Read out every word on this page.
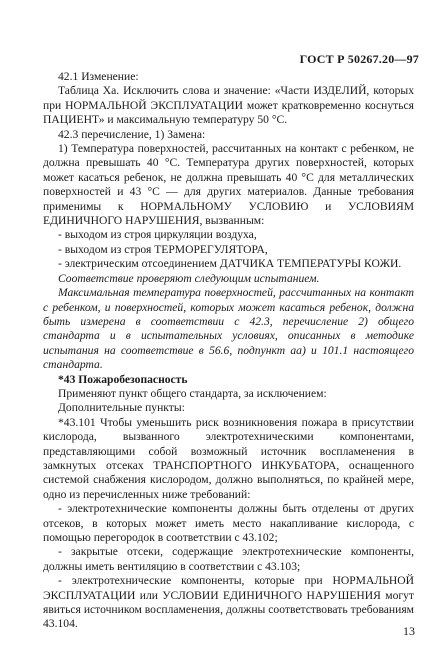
ГОСТ Р 50267.20—97

42.1 Изменение:

Таблица Ха. Исключить слова и значение: «Части ИЗДЕЛИЙ, которых при НОРМАЛЬНОЙ ЭКСПЛУАТАЦИИ может кратковременно коснуться ПАЦИЕНТ» и максимальную температуру 50 °С.

42.3 перечисление, 1) Замена:

1) Температура поверхностей, рассчитанных на контакт с ребенком, не должна превышать 40 °С. Температура других поверхностей, которых может касаться ребенок, не должна превышать 40 °С для металлических поверхностей и 43 °С — для других материалов. Данные требования применимы к НОРМАЛЬНОМУ УСЛОВИЮ и УСЛОВИЯМ ЕДИНИЧНОГО НАРУШЕНИЯ, вызванным:

- выходом из строя циркуляции воздуха,

- выходом из строя ТЕРМОРЕГУЛЯТОРА,

- электрическим отсоединением ДАТЧИКА ТЕМПЕРАТУРЫ КОЖИ.

Соответствие проверяют следующим испытанием.

Максимальная температура поверхностей, рассчитанных на контакт с ребенком, и поверхностей, которых может касаться ребенок, должна быть измерена в соответствии с 42.3, перечисление 2) общего стандарта и в испытательных условиях, описанных в методике испытания на соответствие в 56.6, подпункт аа) и 101.1 настоящего стандарта.

*43 Пожаробезопасность

Применяют пункт общего стандарта, за исключением:

Дополнительные пункты:

*43.101 Чтобы уменьшить риск возникновения пожара в присутствии кислорода, вызванного электротехническими компонентами, представляющими собой возможный источник воспламенения в замкнутых отсеках ТРАНСПОРТНОГО ИНКУБАТОРА, оснащенного системой снабжения кислородом, должно выполняться, по крайней мере, одно из перечисленных ниже требований:

- электротехнические компоненты должны быть отделены от других отсеков, в которых может иметь место накапливание кислорода, с помощью перегородок в соответствии с 43.102;

- закрытые отсеки, содержащие электротехнические компоненты, должны иметь вентиляцию в соответствии с 43.103;

- электротехнические компоненты, которые при НОРМАЛЬНОЙ ЭКСПЛУАТАЦИИ или УСЛОВИИ ЕДИНИЧНОГО НАРУШЕНИЯ могут явиться источником воспламенения, должны соответствовать требованиям 43.104.

13
